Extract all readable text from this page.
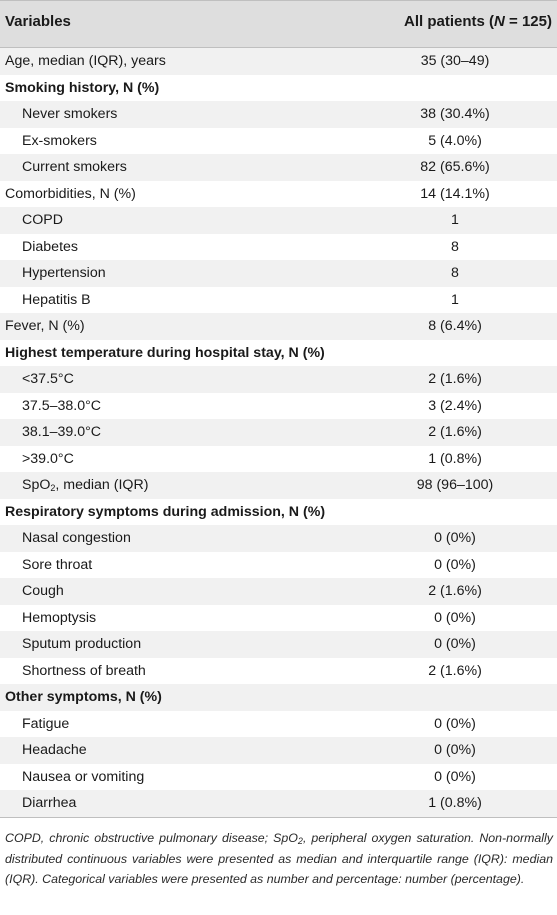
Variables	All patients (N = 125)
Age, median (IQR), years	35 (30–49)
Smoking history, N (%)
Never smokers	38 (30.4%)
Ex-smokers	5 (4.0%)
Current smokers	82 (65.6%)
Comorbidities, N (%)	14 (14.1%)
COPD	1
Diabetes	8
Hypertension	8
Hepatitis B	1
Fever, N (%)	8 (6.4%)
Highest temperature during hospital stay, N (%)
<37.5°C	2 (1.6%)
37.5–38.0°C	3 (2.4%)
38.1–39.0°C	2 (1.6%)
>39.0°C	1 (0.8%)
SpO$_2$, median (IQR)	98 (96–100)
Respiratory symptoms during admission, N (%)
Nasal congestion	0 (0%)
Sore throat	0 (0%)
Cough	2 (1.6%)
Hemoptysis	0 (0%)
Sputum production	0 (0%)
Shortness of breath	2 (1.6%)
Other symptoms, N (%)
Fatigue	0 (0%)
Headache	0 (0%)
Nausea or vomiting	0 (0%)
Diarrhea	1 (0.8%)
COPD, chronic obstructive pulmonary disease; SpO$_2$, peripheral oxygen saturation. Non-normally distributed continuous variables were presented as median and interquartile range (IQR): median (IQR). Categorical variables were presented as number and percentage: number (percentage).
